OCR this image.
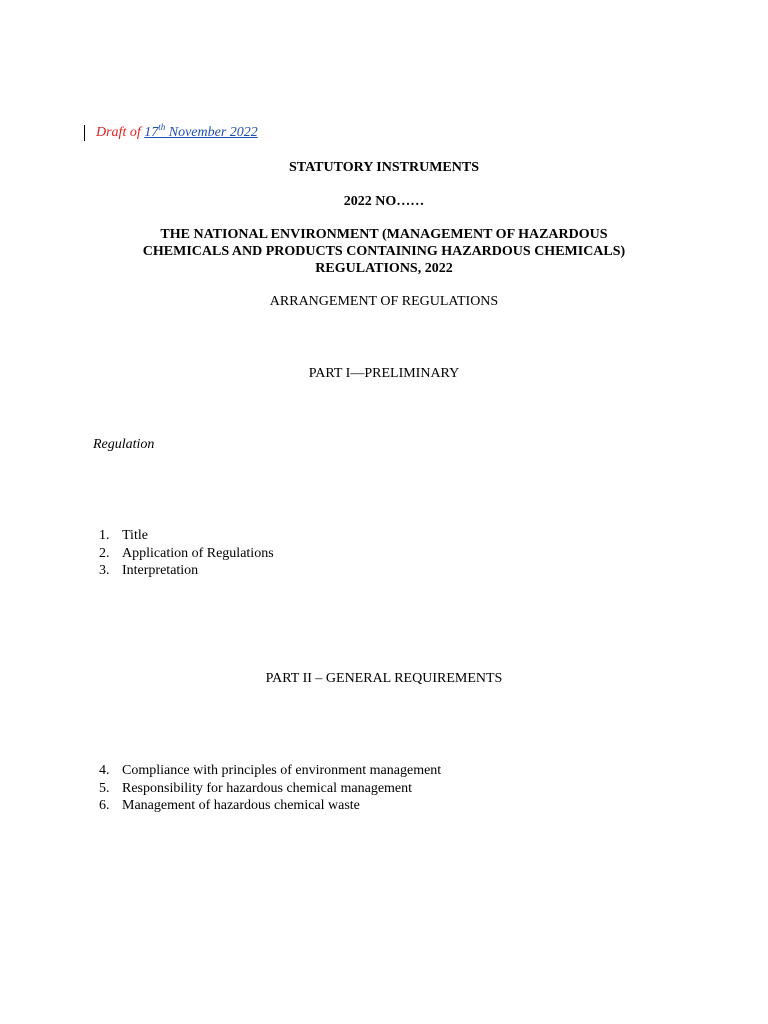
Draft of 17th November 2022
STATUTORY INSTRUMENTS
2022 NO……
THE NATIONAL ENVIRONMENT (MANAGEMENT OF HAZARDOUS
CHEMICALS AND PRODUCTS CONTAINING HAZARDOUS CHEMICALS)
REGULATIONS, 2022
ARRANGEMENT OF REGULATIONS
PART I—PRELIMINARY
Regulation
1. Title
2. Application of Regulations
3. Interpretation
PART II – GENERAL REQUIREMENTS
4. Compliance with principles of environment management
5. Responsibility for hazardous chemical management
6. Management of hazardous chemical waste
